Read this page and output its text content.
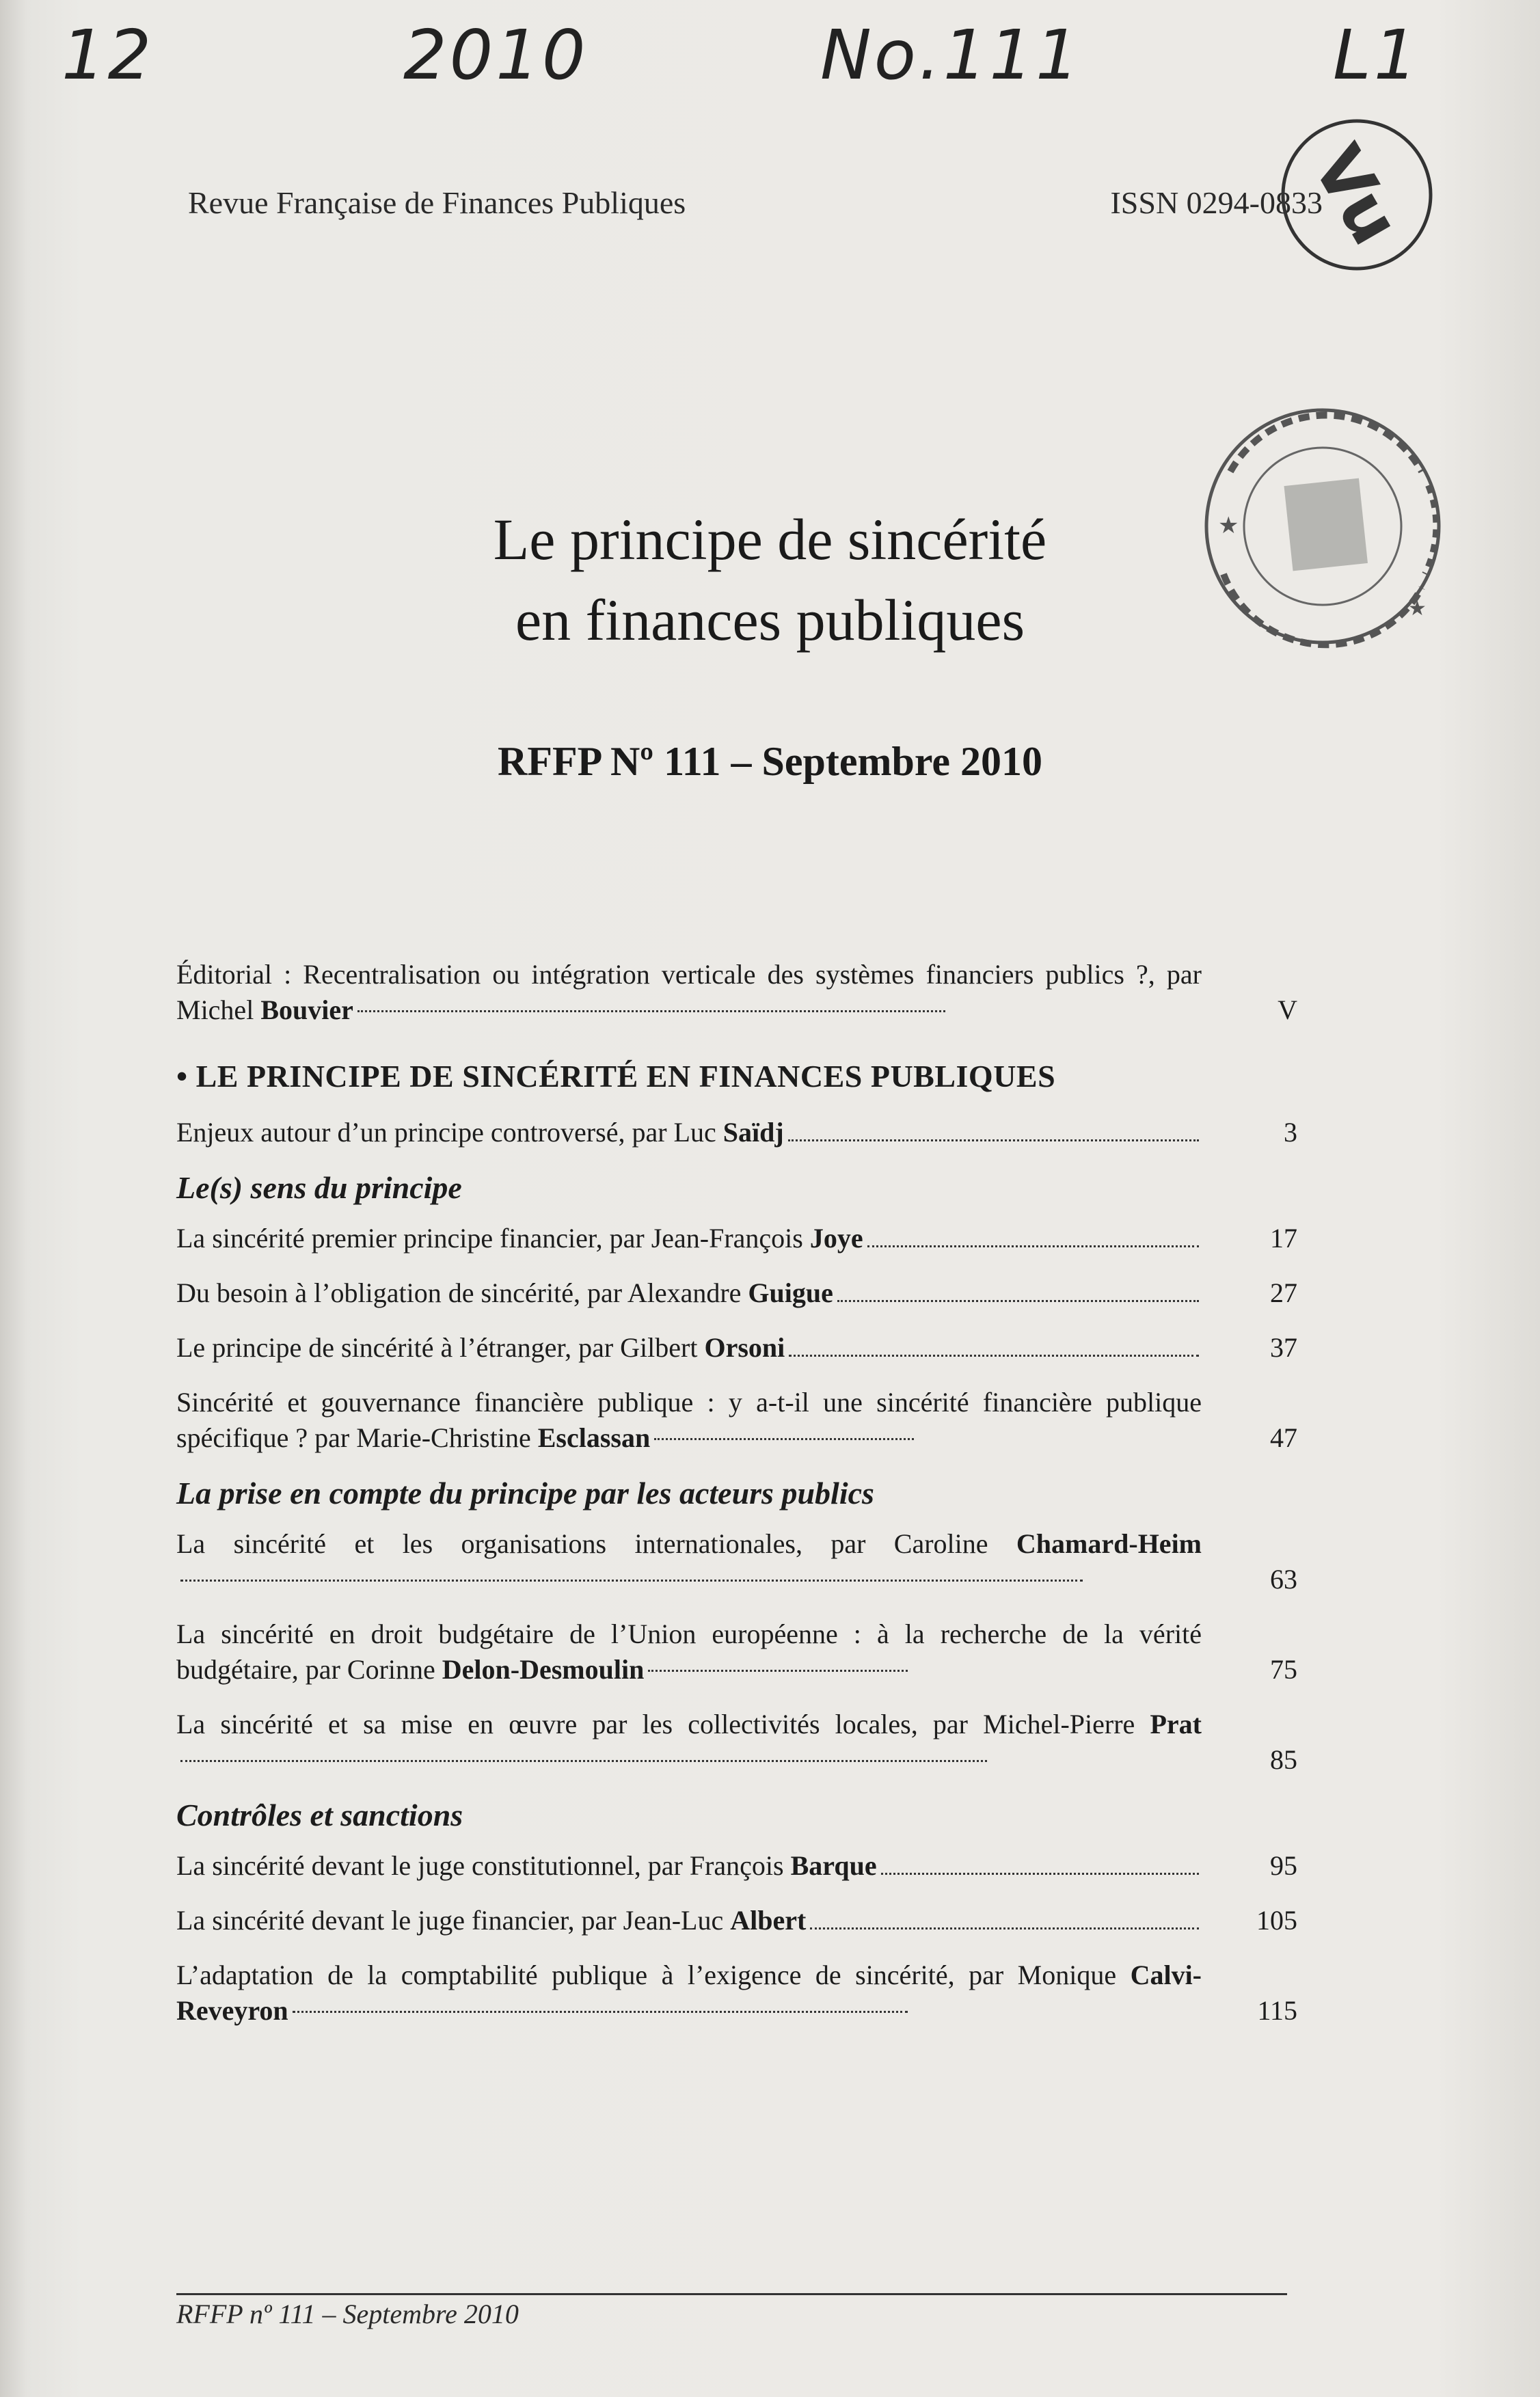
12	2010	No.111	L1
Revue Française de Finances Publiques	ISSN 0294-0833
Vu
★
★
Le principe de sincérité
en finances publiques
RFFP Nº 111 – Septembre 2010
Éditorial : Recentralisation ou intégration verticale des systèmes financiers publics ?, par Michel Bouvier	V
• LE PRINCIPE DE SINCÉRITÉ EN FINANCES PUBLIQUES
Enjeux autour d’un principe controversé, par Luc
Saïdj	3
Le(s) sens du principe
La sincérité premier principe financier, par Jean-François
Joye	17
Du besoin à l’obligation de sincérité, par Alexandre
Guigue	27
Le principe de sincérité à l’étranger, par Gilbert
Orsoni	37
Sincérité et gouvernance financière publique : y a-t-il une sincérité financière publique spécifique ? par Marie-Christine Esclassan	47
La prise en compte du principe par les acteurs publics
La sincérité et les organisations internationales, par Caroline Chamard-Heim
63
La sincérité en droit budgétaire de l’Union européenne : à la recherche de la vérité budgétaire, par Corinne Delon-Desmoulin	75
La sincérité et sa mise en œuvre par les collectivités locales, par Michel-Pierre Prat
85
Contrôles et sanctions
La sincérité devant le juge constitutionnel, par François
Barque	95
La sincérité devant le juge financier, par Jean-Luc
Albert	105
L’adaptation de la comptabilité publique à l’exigence de sincérité, par Monique Calvi-Reveyron	115
RFFP nº 111 – Septembre 2010
